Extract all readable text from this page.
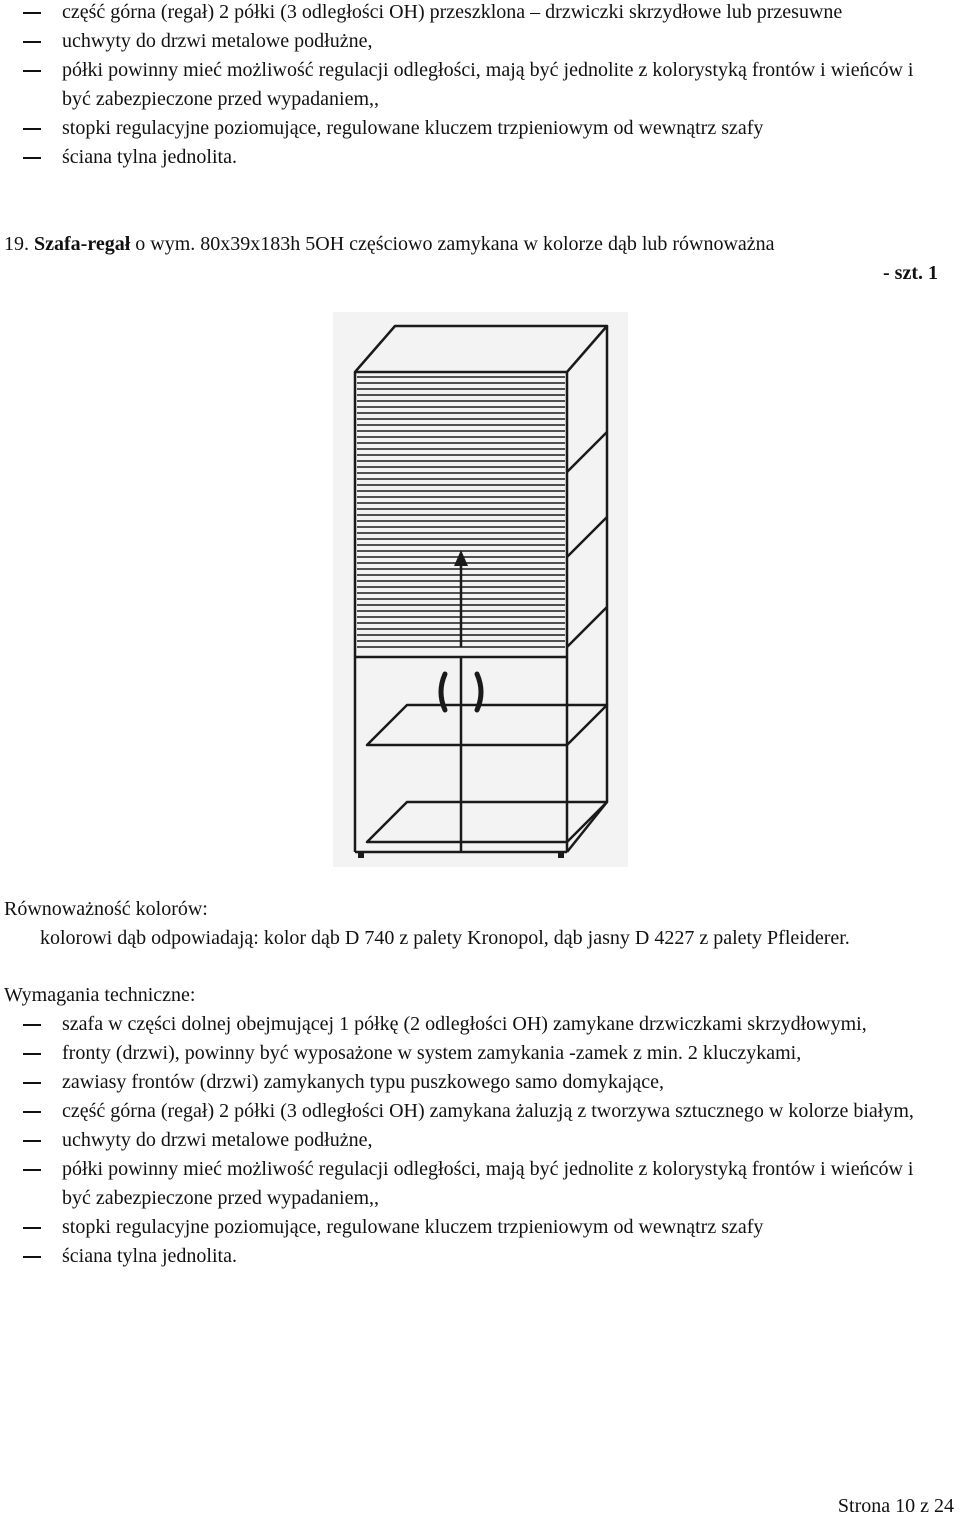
część górna (regał) 2 półki (3 odległości OH) przeszklona – drzwiczki skrzydłowe lub przesuwne
uchwyty do drzwi metalowe podłużne,
półki powinny mieć możliwość regulacji odległości, mają być jednolite z kolorystyką frontów i wieńców i być zabezpieczone przed wypadaniem,,
stopki regulacyjne poziomujące, regulowane kluczem trzpieniowym od wewnątrz szafy
ściana tylna jednolita.
19. Szafa-regał o wym. 80x39x183h 5OH częściowo zamykana w kolorze dąb lub równoważna
- szt. 1
Równoważność kolorów:
kolorowi dąb odpowiadają: kolor dąb D 740 z palety Kronopol, dąb jasny D 4227 z palety Pfleiderer.
Wymagania techniczne:
szafa w części dolnej obejmującej 1 półkę (2 odległości OH) zamykane drzwiczkami skrzydłowymi,
fronty (drzwi), powinny być wyposażone w system zamykania -zamek z min. 2 kluczykami,
zawiasy frontów (drzwi) zamykanych typu puszkowego samo domykające,
część górna (regał) 2 półki (3 odległości OH) zamykana żaluzją z tworzywa sztucznego w kolorze białym,
uchwyty do drzwi metalowe podłużne,
półki powinny mieć możliwość regulacji odległości, mają być jednolite z kolorystyką frontów i wieńców i być zabezpieczone przed wypadaniem,,
stopki regulacyjne poziomujące, regulowane kluczem trzpieniowym od wewnątrz szafy
ściana tylna jednolita.
Strona 10 z 24
